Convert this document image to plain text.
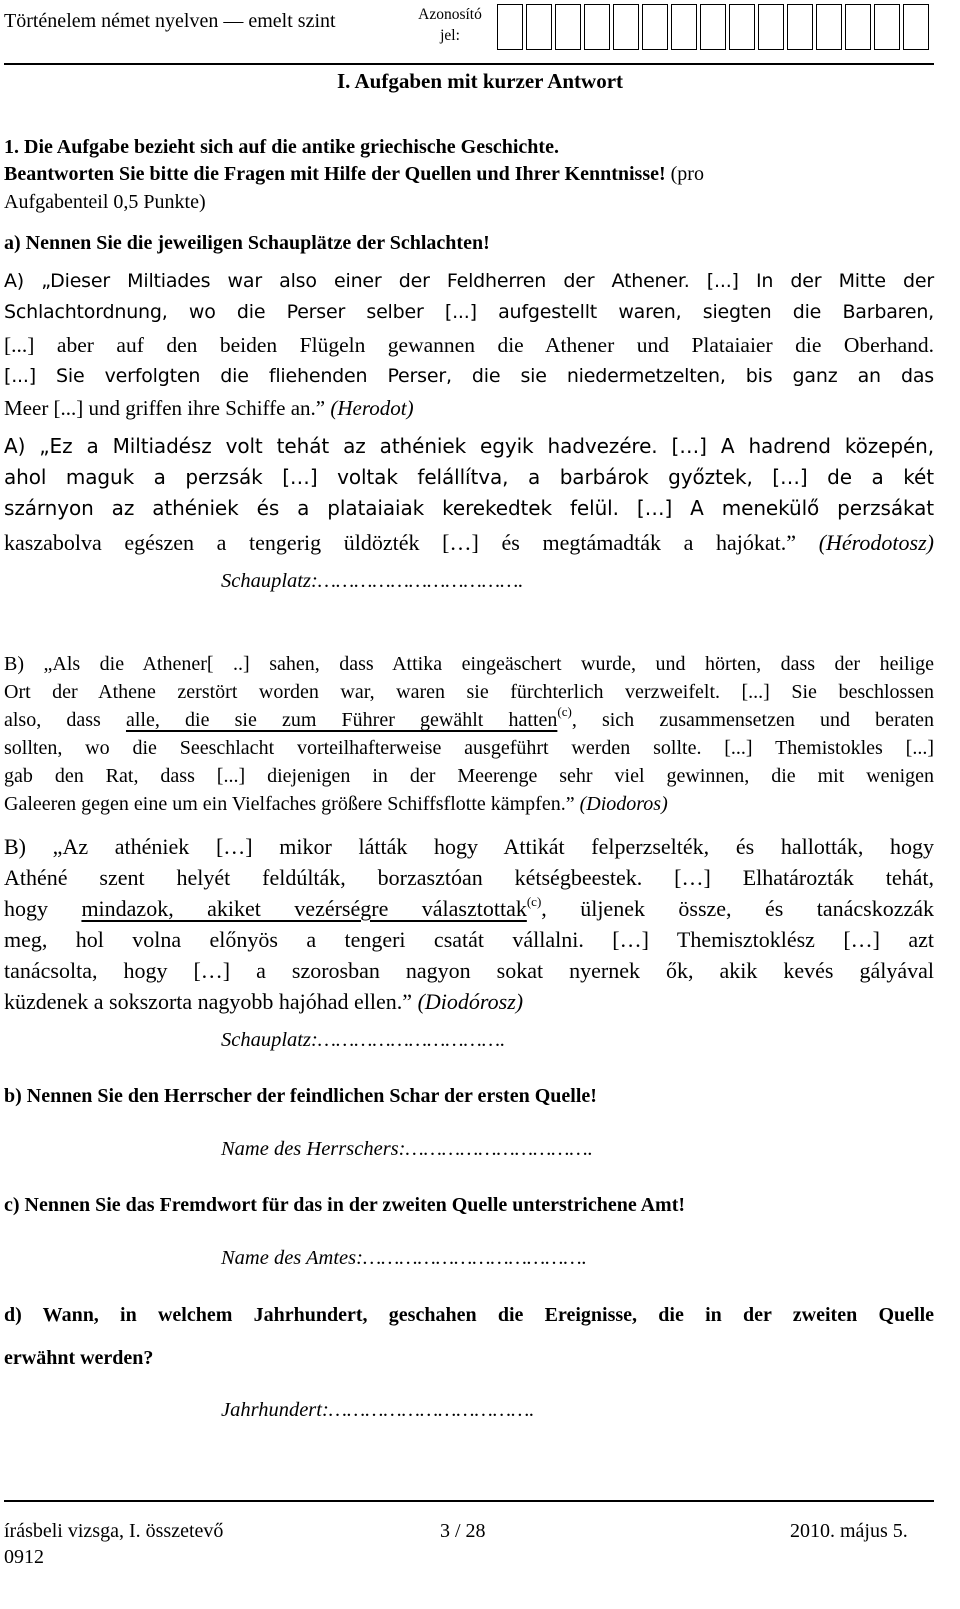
Történelem német nyelven — emelt szint	Azonosító
jel:
I. Aufgaben mit kurzer Antwort
1. Die Aufgabe bezieht sich auf die antike griechische Geschichte.
Beantworten Sie bitte die Fragen mit Hilfe der Quellen und Ihrer Kenntnisse! (pro
Aufgabenteil 0,5 Punkte)
a) Nennen Sie die jeweiligen Schauplätze der Schlachten!
A) „Dieser Miltiades war also einer der Feldherren der Athener. [...] In der Mitte der
Schlachtordnung, wo die Perser selber [...] aufgestellt waren, siegten die Barbaren,
[...] aber auf den beiden Flügeln gewannen die Athener und Plataiaier die Oberhand.
[...] Sie verfolgten die fliehenden Perser, die sie niedermetzelten, bis ganz an das
Meer [...] und griffen ihre Schiffe an.” (Herodot)
A) „Ez a Miltiadész volt tehát az athéniek egyik hadvezére. […] A hadrend közepén,
ahol maguk a perzsák […] voltak felállítva, a barbárok győztek, […] de a két
szárnyon az athéniek és a plataiaiak kerekedtek felül. […] A menekülő perzsákat
kaszabolva egészen a tengerig üldözték […] és megtámadták a hajókat.” (Hérodotosz)
Schauplatz:…………………………….
B) „Als die Athener[ ..] sahen, dass Attika eingeäschert wurde, und hörten, dass der heilige
Ort der Athene zerstört worden war, waren sie fürchterlich verzweifelt. [...] Sie beschlossen
also, dass alle, die sie zum Führer gewählt hatten$^{(c)}$, sich zusammensetzen und beraten
sollten, wo die Seeschlacht vorteilhafterweise ausgeführt werden sollte. [...] Themistokles [...]
gab den Rat, dass [...] diejenigen in der Meerenge sehr viel gewinnen, die mit wenigen
Galeeren gegen eine um ein Vielfaches größere Schiffsflotte kämpfen.” (Diodoros)
B) „Az athéniek […] mikor látták hogy Attikát felperzselték, és hallották, hogy
Athéné szent helyét feldúlták, borzasztóan kétségbeestek. […] Elhatározták tehát,
hogy mindazok, akiket vezérségre választottak$^{(c)}$, üljenek össze, és tanácskozzák
meg, hol volna előnyös a tengeri csatát vállalni. […] Themisztoklész […] azt
tanácsolta, hogy […] a szorosban nagyon sokat nyernek ők, akik kevés gályával
küzdenek a sokszorta nagyobb hajóhad ellen.” (Diodórosz)
Schauplatz:………………………….
b) Nennen Sie den Herrscher der feindlichen Schar der ersten Quelle!
Name des Herrschers:………………………….
c) Nennen Sie das Fremdwort für das in der zweiten Quelle unterstrichene Amt!
Name des Amtes:……………………………….
d) Wann, in welchem Jahrhundert, geschahen die Ereignisse, die in der zweiten Quelle
erwähnt werden?
Jahrhundert:…………………………….
írásbeli vizsga, I. összetevő
0912
3 / 28	2010. május 5.
